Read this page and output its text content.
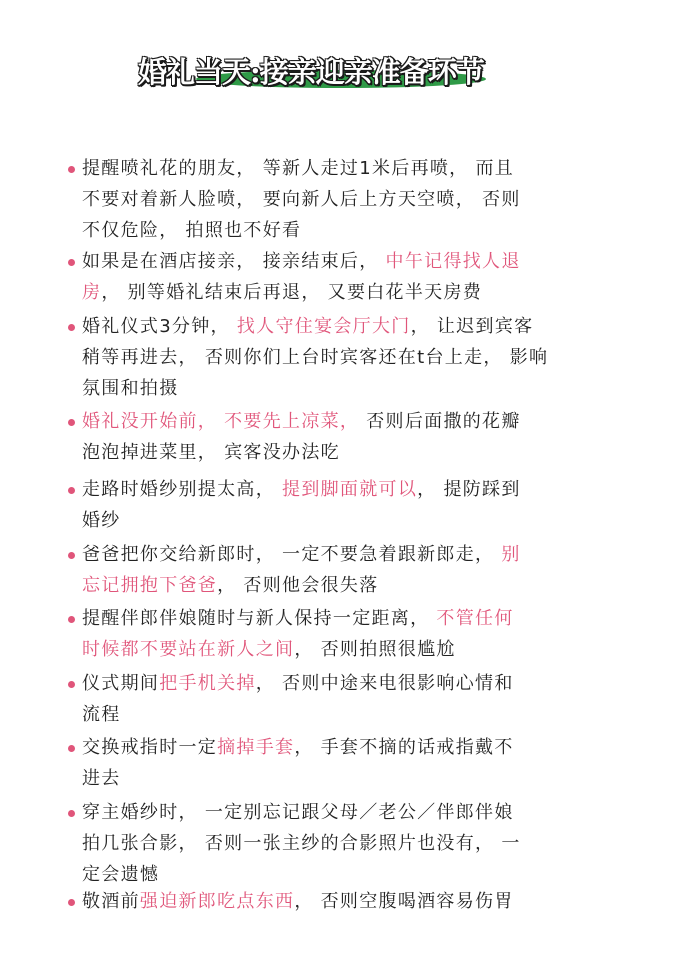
婚礼当天:接亲迎亲准备环节
提醒喷礼花的朋友， 等新人走过1米后再喷， 而且
不要对着新人脸喷， 要向新人后上方天空喷， 否则
不仅危险， 拍照也不好看
如果是在酒店接亲， 接亲结束后， 中午记得找人退
房， 别等婚礼结束后再退， 又要白花半天房费
婚礼仪式3分钟， 找人守住宴会厅大门， 让迟到宾客
稍等再进去， 否则你们上台时宾客还在t台上走， 影响
氛围和拍摄
婚礼没开始前， 不要先上凉菜， 否则后面撒的花瓣
泡泡掉进菜里， 宾客没办法吃
走路时婚纱别提太高， 提到脚面就可以， 提防踩到
婚纱
爸爸把你交给新郎时， 一定不要急着跟新郎走， 别
忘记拥抱下爸爸， 否则他会很失落
提醒伴郎伴娘随时与新人保持一定距离， 不管任何
时候都不要站在新人之间， 否则拍照很尴尬
仪式期间把手机关掉， 否则中途来电很影响心情和
流程
交换戒指时一定摘掉手套， 手套不摘的话戒指戴不
进去
穿主婚纱时， 一定别忘记跟父母／老公／伴郎伴娘
拍几张合影， 否则一张主纱的合影照片也没有， 一
定会遗憾
敬酒前强迫新郎吃点东西， 否则空腹喝酒容易伤胃
